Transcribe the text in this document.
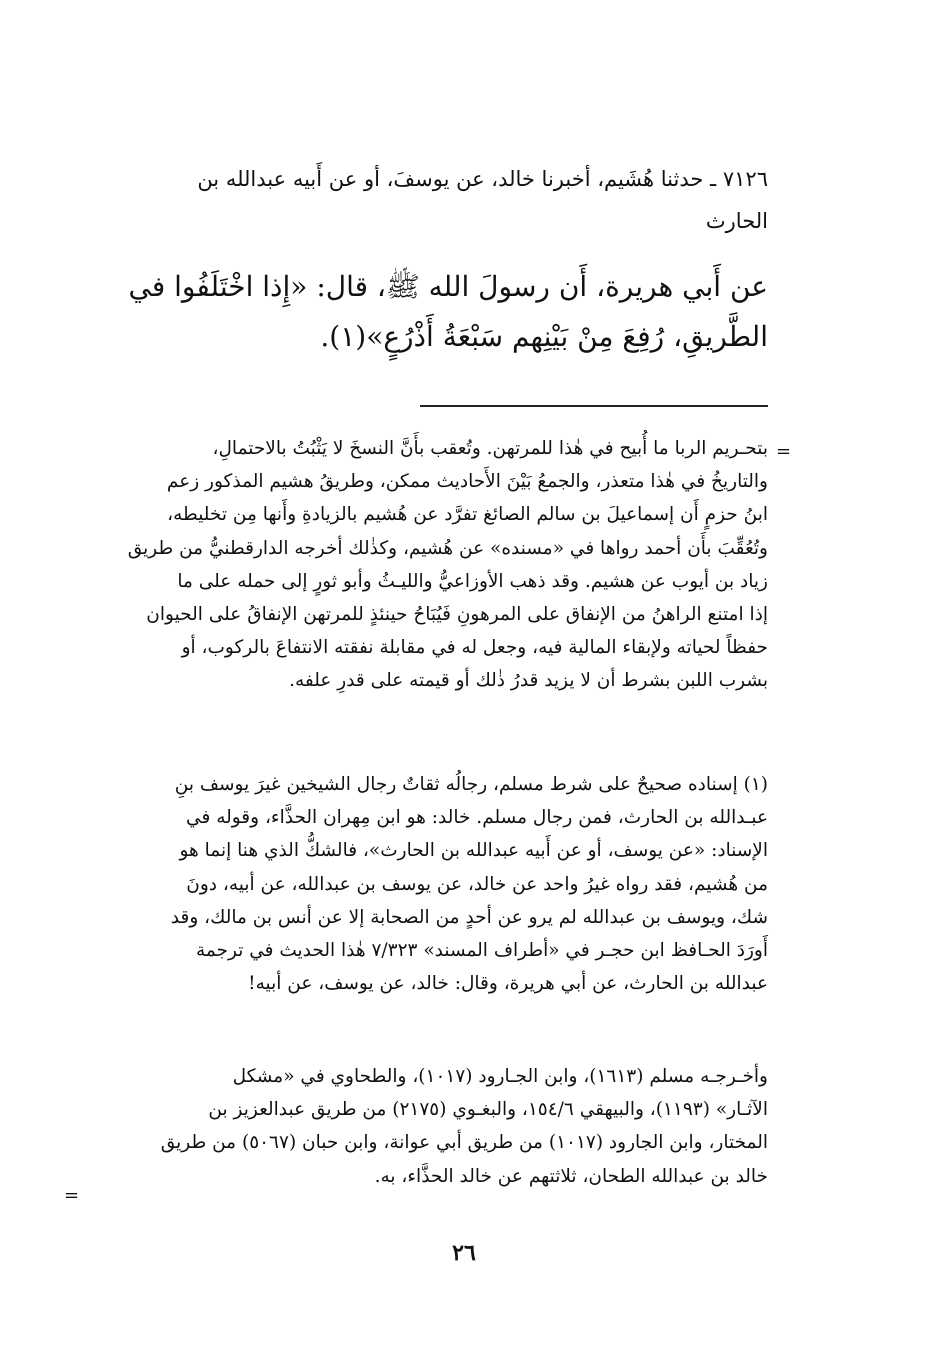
٧١٢٦ ـ حدثنا هُشَيم، أخبرنا خالد، عن يوسفَ، أو عن أَبيه عبدالله بن
الحارث
عن أَبي هريرة، أَن رسولَ الله ﷺ، قال: «إِذا اخْتَلَفُوا في
الطَّريقِ، رُفِعَ مِنْ بَيْنِهم سَبْعَةُ أَذْرُعٍ»(١).
بتحـريم الربا ما أُبيح في هٰذا للمرتهن. وتُعقب بأَنَّ النسخَ لا يَثْبُتُ بالاحتمالِ،
والتاريخُ في هٰذا متعذر، والجمعُ بَيْنَ الأَحاديث ممكن، وطريقُ هشيم المذكور زعم
ابنُ حزمٍ أَن إسماعيلَ بن سالم الصائغ تفرَّد عن هُشيم بالزيادةِ وأَنها مِن تخليطه،
وتُعُقِّبَ بأَن أحمد رواها في «مسنده» عن هُشيم، وكذٰلك أخرجه الدارقطنيُّ من طريق
زياد بن أيوب عن هشيم. وقد ذهب الأوزاعيُّ والليـثُ وأبو ثورٍ إلى حمله على ما
إذا امتنع الراهنُ من الإنفاق على المرهونِ فَيُبَاحُ حينئذٍ للمرتهن الإنفاقُ على الحيوان
حفظاً لحياته ولإبقاء المالية فيه، وجعل له في مقابلة نفقته الانتفاعَ بالركوب، أو
بشرب اللبن بشرط أن لا يزيد قدرُ ذٰلك أو قيمته على قدرِ علفه.
=
(١) إسناده صحيحٌ على شرط مسلم، رجالُه ثقاتٌ رجال الشيخين غيرَ يوسف بنِ
عبـدالله بن الحارث، فمن رجال مسلم. خالد: هو ابن مِهران الحذَّاء، وقوله في
الإسناد: «عن يوسف، أو عن أَبيه عبدالله بن الحارث»، فالشكُّ الذي هنا إنما هو
من هُشيم، فقد رواه غيرُ واحد عن خالد، عن يوسف بن عبدالله، عن أبيه، دونَ
شك، ويوسف بن عبدالله لم يرو عن أحدٍ من الصحابة إلا عن أنس بن مالك، وقد
أَورَدَ الحـافظ ابن حجـر في «أطراف المسند» ٧/٣٢٣ هٰذا الحديث في ترجمة
عبدالله بن الحارث، عن أبي هريرة، وقال: خالد، عن يوسف، عن أبيه!
وأخـرجـه مسلم (١٦١٣)، وابن الجـارود (١٠١٧)، والطحاوي في «مشكل
الآثـار» (١١٩٣)، والبيهقي ١٥٤/٦، والبغـوي (٢١٧٥) من طريق عبدالعزيز بن
المختار، وابن الجارود (١٠١٧) من طريق أبي عوانة، وابن حبان (٥٠٦٧) من طريق
خالد بن عبدالله الطحان، ثلاثتهم عن خالد الحذَّاء، به.
=
٢٦
